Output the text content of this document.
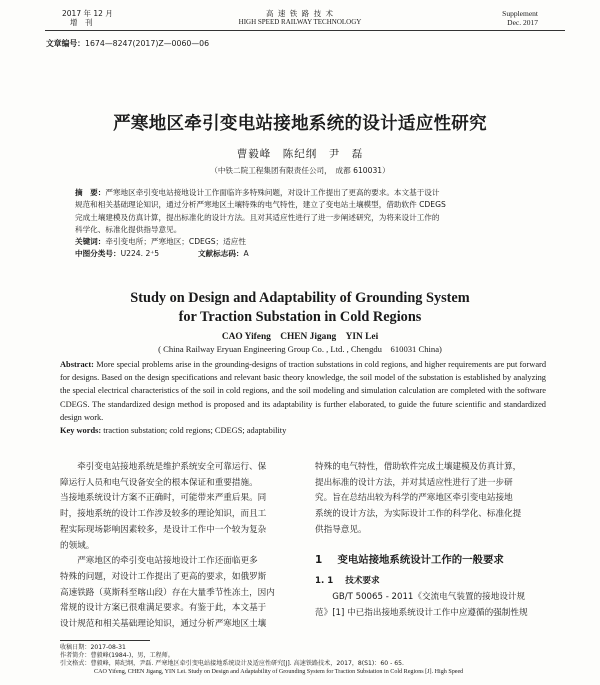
2017 年 12 月
增　刊
高 速 铁 路 技 术
HIGH SPEED RAILWAY TECHNOLOGY
Supplement
Dec. 2017
文章编号：1674—8247(2017)Z—0060—06
严寒地区牵引变电站接地系统的设计适应性研究
曹毅峰　陈纪纲　尹　磊
（中铁二院工程集团有限责任公司，　成都 610031）
摘　要：严寒地区牵引变电站接地设计工作面临许多特殊问题，对设计工作提出了更高的要求。本文基于设计
规范和相关基础理论知识，通过分析严寒地区土壤特殊的电气特性，建立了变电站土壤模型，借助软件 CDEGS
完成土壤建模及仿真计算，提出标准化的设计方法。且对其适应性进行了进一步阐述研究，为将来设计工作的
科学化、标准化提供指导意见。
关键词：牵引变电所；严寒地区；CDEGS；适应性
中图分类号：U224. 2⁺5	文献标志码：A
Study on Design and Adaptability of Grounding System
for Traction Substation in Cold Regions
CAO Yifeng　CHEN Jigang　YIN Lei
( China Railway Eryuan Engineering Group Co. , Ltd. , Chengdu　610031 China)
Abstract: More special problems arise in the grounding-designs of traction substations in cold regions, and higher requirements are put forward for designs. Based on the design specifications and relevant basic theory knowledge, the soil model of the substation is established by analyzing the special electrical characteristics of the soil in cold regions, and the soil modeling and simulation calculation are completed with the software CDEGS. The standardized design method is proposed and its adaptability is further elaborated, to guide the future scientific and standardized design work.
Key words: traction substation; cold regions; CDEGS; adaptability
牵引变电站接地系统是维护系统安全可靠运行、保
障运行人员和电气设备安全的根本保证和重要措施。
当接地系统设计方案不正确时，可能带来严重后果。同
时，接地系统的设计工作涉及较多的理论知识，而且工
程实际现场影响因素较多，是设计工作中一个较为复杂
的领域。
严寒地区的牵引变电站接地设计工作还面临更多
特殊的问题，对设计工作提出了更高的要求，如俄罗斯
高速铁路（莫斯科至喀山段）存在大量季节性冻土，因内
常规的设计方案已很难满足要求。有鉴于此，本文基于
设计规范和相关基础理论知识，通过分析严寒地区土壤
特殊的电气特性，借助软件完成土壤建模及仿真计算，
提出标准的设计方法，并对其适应性进行了进一步研
究。旨在总结出较为科学的严寒地区牵引变电站接地
系统的设计方法，为实际设计工作的科学化、标准化提
供指导意见。
1 变电站接地系统设计工作的一般要求
1. 1 技术要求
GB/T 50065 - 2011《交流电气装置的接地设计规
范》[1] 中已指出接地系统设计工作中应遵循的强制性规
收稿日期：2017-08-31
作者简介：曹毅峰(1984-)，男，工程师。
引文格式：曹毅峰，陈纪纲，尹磊. 严寒地区牵引变电站接地系统设计及适应性研究[J]. 高速铁路技术，2017，8(S1)：60 - 65.
CAO Yifeng, CHEN Jigang, YIN Lei. Study on Design and Adaptability of Grounding System for Traction Substation in Cold Regions [J]. High Speed
